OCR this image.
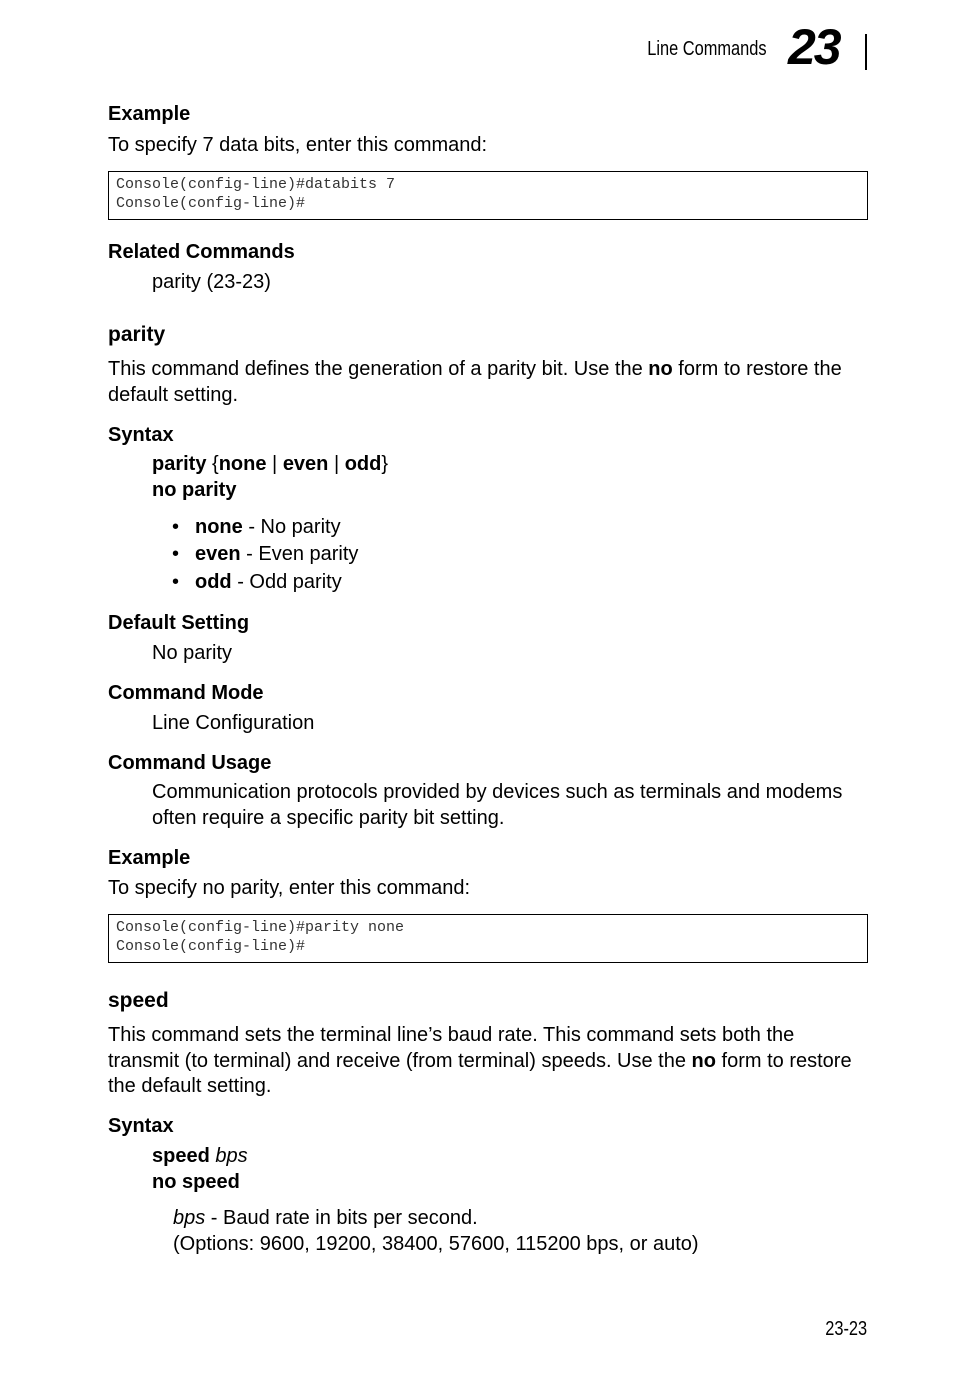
Line Commands 23
Example
To specify 7 data bits, enter this command:
Console(config-line)#databits 7
Console(config-line)#
Related Commands
parity (23-23)
parity
This command defines the generation of a parity bit. Use the no form to restore the default setting.
Syntax
parity {none | even | odd}
no parity
• none - No parity
• even - Even parity
• odd - Odd parity
Default Setting
No parity
Command Mode
Line Configuration
Command Usage
Communication protocols provided by devices such as terminals and modems often require a specific parity bit setting.
Example
To specify no parity, enter this command:
Console(config-line)#parity none
Console(config-line)#
speed
This command sets the terminal line’s baud rate. This command sets both the transmit (to terminal) and receive (from terminal) speeds. Use the no form to restore the default setting.
Syntax
speed bps
no speed
bps - Baud rate in bits per second.
(Options: 9600, 19200, 38400, 57600, 115200 bps, or auto)
23-23
